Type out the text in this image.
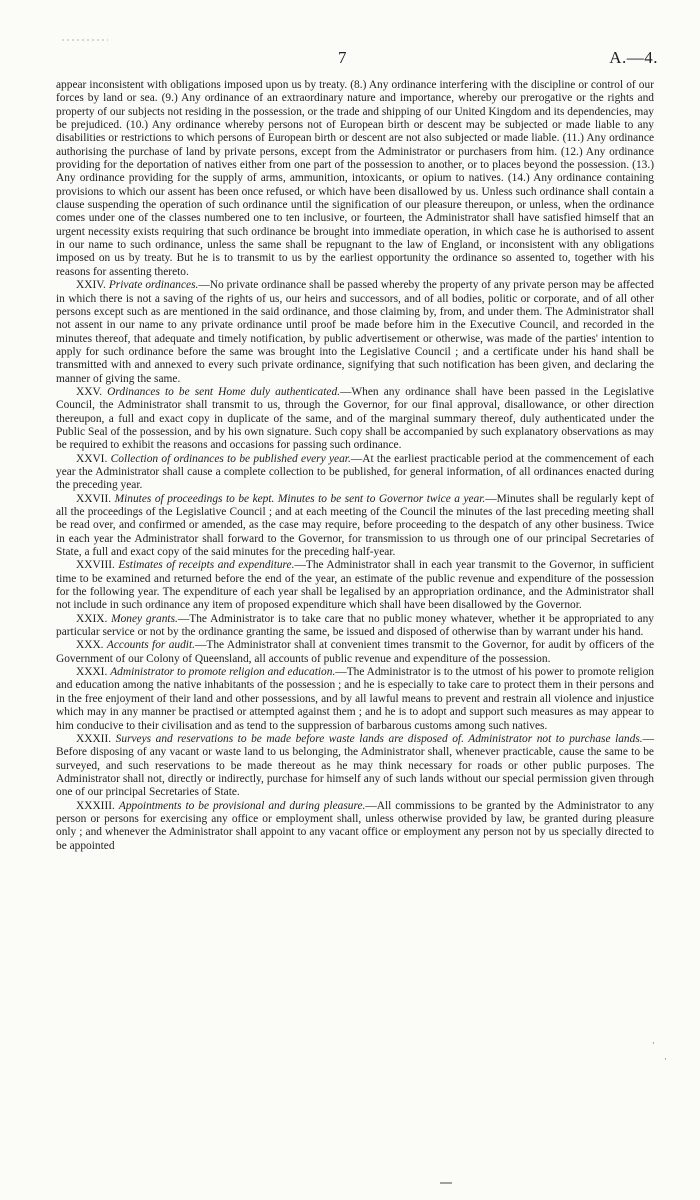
·
·
7	A.—4.

appear inconsistent with obligations imposed upon us by treaty. (8.) Any ordinance interfering with the discipline or control of our forces by land or sea. (9.) Any ordinance of an extraordinary nature and importance, whereby our prerogative or the rights and property of our subjects not residing in the possession, or the trade and shipping of our United Kingdom and its dependencies, may be prejudiced. (10.) Any ordinance whereby persons not of European birth or descent may be subjected or made liable to any disabilities or restrictions to which persons of European birth or descent are not also subjected or made liable. (11.) Any ordinance authorising the purchase of land by private persons, except from the Administrator or purchasers from him. (12.) Any ordinance providing for the deportation of natives either from one part of the possession to another, or to places beyond the possession. (13.) Any ordinance providing for the supply of arms, ammunition, intoxicants, or opium to natives. (14.) Any ordinance containing provisions to which our assent has been once refused, or which have been disallowed by us. Unless such ordinance shall contain a clause suspending the operation of such ordinance until the signification of our pleasure thereupon, or unless, when the ordinance comes under one of the classes numbered one to ten inclusive, or fourteen, the Administrator shall have satisfied himself that an urgent necessity exists requiring that such ordinance be brought into immediate operation, in which case he is authorised to assent in our name to such ordinance, unless the same shall be repugnant to the law of England, or inconsistent with any obligations imposed on us by treaty. But he is to transmit to us by the earliest opportunity the ordinance so assented to, together with his reasons for assenting thereto.

XXIV. Private ordinances.—No private ordinance shall be passed whereby the property of any private person may be affected in which there is not a saving of the rights of us, our heirs and successors, and of all bodies, politic or corporate, and of all other persons except such as are mentioned in the said ordinance, and those claiming by, from, and under them. The Administrator shall not assent in our name to any private ordinance until proof be made before him in the Executive Council, and recorded in the minutes thereof, that adequate and timely notification, by public advertisement or otherwise, was made of the parties' intention to apply for such ordinance before the same was brought into the Legislative Council ; and a certificate under his hand shall be transmitted with and annexed to every such private ordinance, signifying that such notification has been given, and declaring the manner of giving the same.

XXV. Ordinances to be sent Home duly authenticated.—When any ordinance shall have been passed in the Legislative Council, the Administrator shall transmit to us, through the Governor, for our final approval, disallowance, or other direction thereupon, a full and exact copy in duplicate of the same, and of the marginal summary thereof, duly authenticated under the Public Seal of the possession, and by his own signature. Such copy shall be accompanied by such explanatory observations as may be required to exhibit the reasons and occasions for passing such ordinance.

XXVI. Collection of ordinances to be published every year.—At the earliest practicable period at the commencement of each year the Administrator shall cause a complete collection to be published, for general information, of all ordinances enacted during the preceding year.

XXVII. Minutes of proceedings to be kept. Minutes to be sent to Governor twice a year.—Minutes shall be regularly kept of all the proceedings of the Legislative Council ; and at each meeting of the Council the minutes of the last preceding meeting shall be read over, and confirmed or amended, as the case may require, before proceeding to the despatch of any other business. Twice in each year the Administrator shall forward to the Governor, for transmission to us through one of our principal Secretaries of State, a full and exact copy of the said minutes for the preceding half-year.

XXVIII. Estimates of receipts and expenditure.—The Administrator shall in each year transmit to the Governor, in sufficient time to be examined and returned before the end of the year, an estimate of the public revenue and expenditure of the possession for the following year. The expenditure of each year shall be legalised by an appropriation ordinance, and the Administrator shall not include in such ordinance any item of proposed expenditure which shall have been disallowed by the Governor.

XXIX. Money grants.—The Administrator is to take care that no public money whatever, whether it be appropriated to any particular service or not by the ordinance granting the same, be issued and disposed of otherwise than by warrant under his hand.

XXX. Accounts for audit.—The Administrator shall at convenient times transmit to the Governor, for audit by officers of the Government of our Colony of Queensland, all accounts of public revenue and expenditure of the possession.

XXXI. Administrator to promote religion and education.—The Administrator is to the utmost of his power to promote religion and education among the native inhabitants of the possession ; and he is especially to take care to protect them in their persons and in the free enjoyment of their land and other possessions, and by all lawful means to prevent and restrain all violence and injustice which may in any manner be practised or attempted against them ; and he is to adopt and support such measures as may appear to him conducive to their civilisation and as tend to the suppression of barbarous customs among such natives.

XXXII. Surveys and reservations to be made before waste lands are disposed of. Administrator not to purchase lands.—Before disposing of any vacant or waste land to us belonging, the Administrator shall, whenever practicable, cause the same to be surveyed, and such reservations to be made thereout as he may think necessary for roads or other public purposes. The Administrator shall not, directly or indirectly, purchase for himself any of such lands without our special permission given through one of our principal Secretaries of State.

XXXIII. Appointments to be provisional and during pleasure.—All commissions to be granted by the Administrator to any person or persons for exercising any office or employment shall, unless otherwise provided by law, be granted during pleasure only ; and whenever the Administrator shall appoint to any vacant office or employment any person not by us specially directed to be appointed
